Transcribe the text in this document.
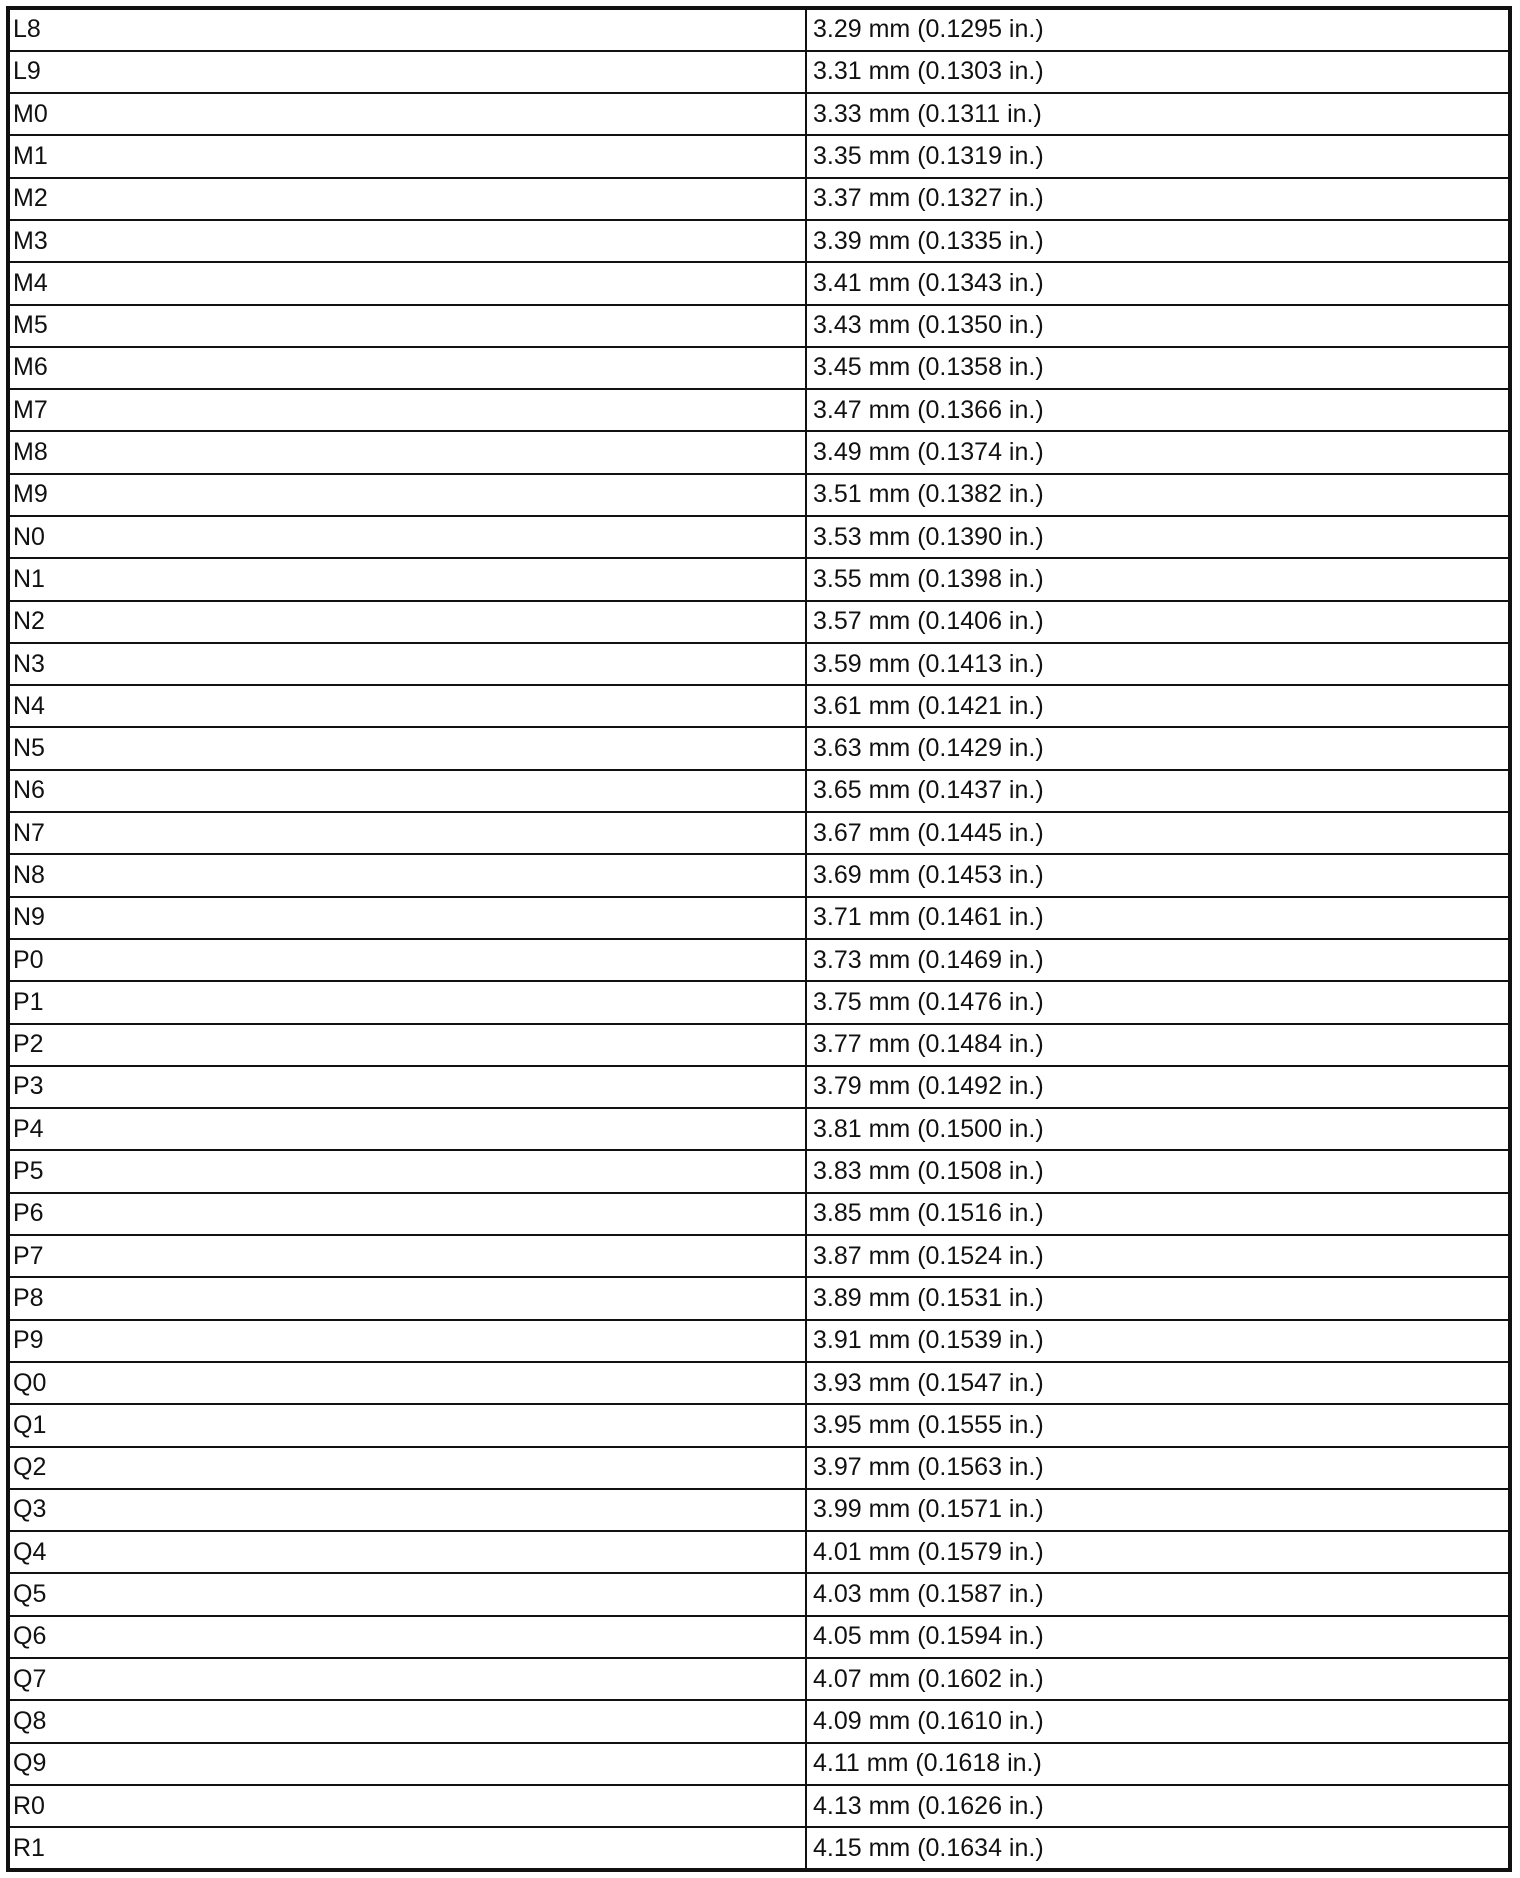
L8	3.29 mm (0.1295 in.)
L9	3.31 mm (0.1303 in.)
M0	3.33 mm (0.1311 in.)
M1	3.35 mm (0.1319 in.)
M2	3.37 mm (0.1327 in.)
M3	3.39 mm (0.1335 in.)
M4	3.41 mm (0.1343 in.)
M5	3.43 mm (0.1350 in.)
M6	3.45 mm (0.1358 in.)
M7	3.47 mm (0.1366 in.)
M8	3.49 mm (0.1374 in.)
M9	3.51 mm (0.1382 in.)
N0	3.53 mm (0.1390 in.)
N1	3.55 mm (0.1398 in.)
N2	3.57 mm (0.1406 in.)
N3	3.59 mm (0.1413 in.)
N4	3.61 mm (0.1421 in.)
N5	3.63 mm (0.1429 in.)
N6	3.65 mm (0.1437 in.)
N7	3.67 mm (0.1445 in.)
N8	3.69 mm (0.1453 in.)
N9	3.71 mm (0.1461 in.)
P0	3.73 mm (0.1469 in.)
P1	3.75 mm (0.1476 in.)
P2	3.77 mm (0.1484 in.)
P3	3.79 mm (0.1492 in.)
P4	3.81 mm (0.1500 in.)
P5	3.83 mm (0.1508 in.)
P6	3.85 mm (0.1516 in.)
P7	3.87 mm (0.1524 in.)
P8	3.89 mm (0.1531 in.)
P9	3.91 mm (0.1539 in.)
Q0	3.93 mm (0.1547 in.)
Q1	3.95 mm (0.1555 in.)
Q2	3.97 mm (0.1563 in.)
Q3	3.99 mm (0.1571 in.)
Q4	4.01 mm (0.1579 in.)
Q5	4.03 mm (0.1587 in.)
Q6	4.05 mm (0.1594 in.)
Q7	4.07 mm (0.1602 in.)
Q8	4.09 mm (0.1610 in.)
Q9	4.11 mm (0.1618 in.)
R0	4.13 mm (0.1626 in.)
R1	4.15 mm (0.1634 in.)
